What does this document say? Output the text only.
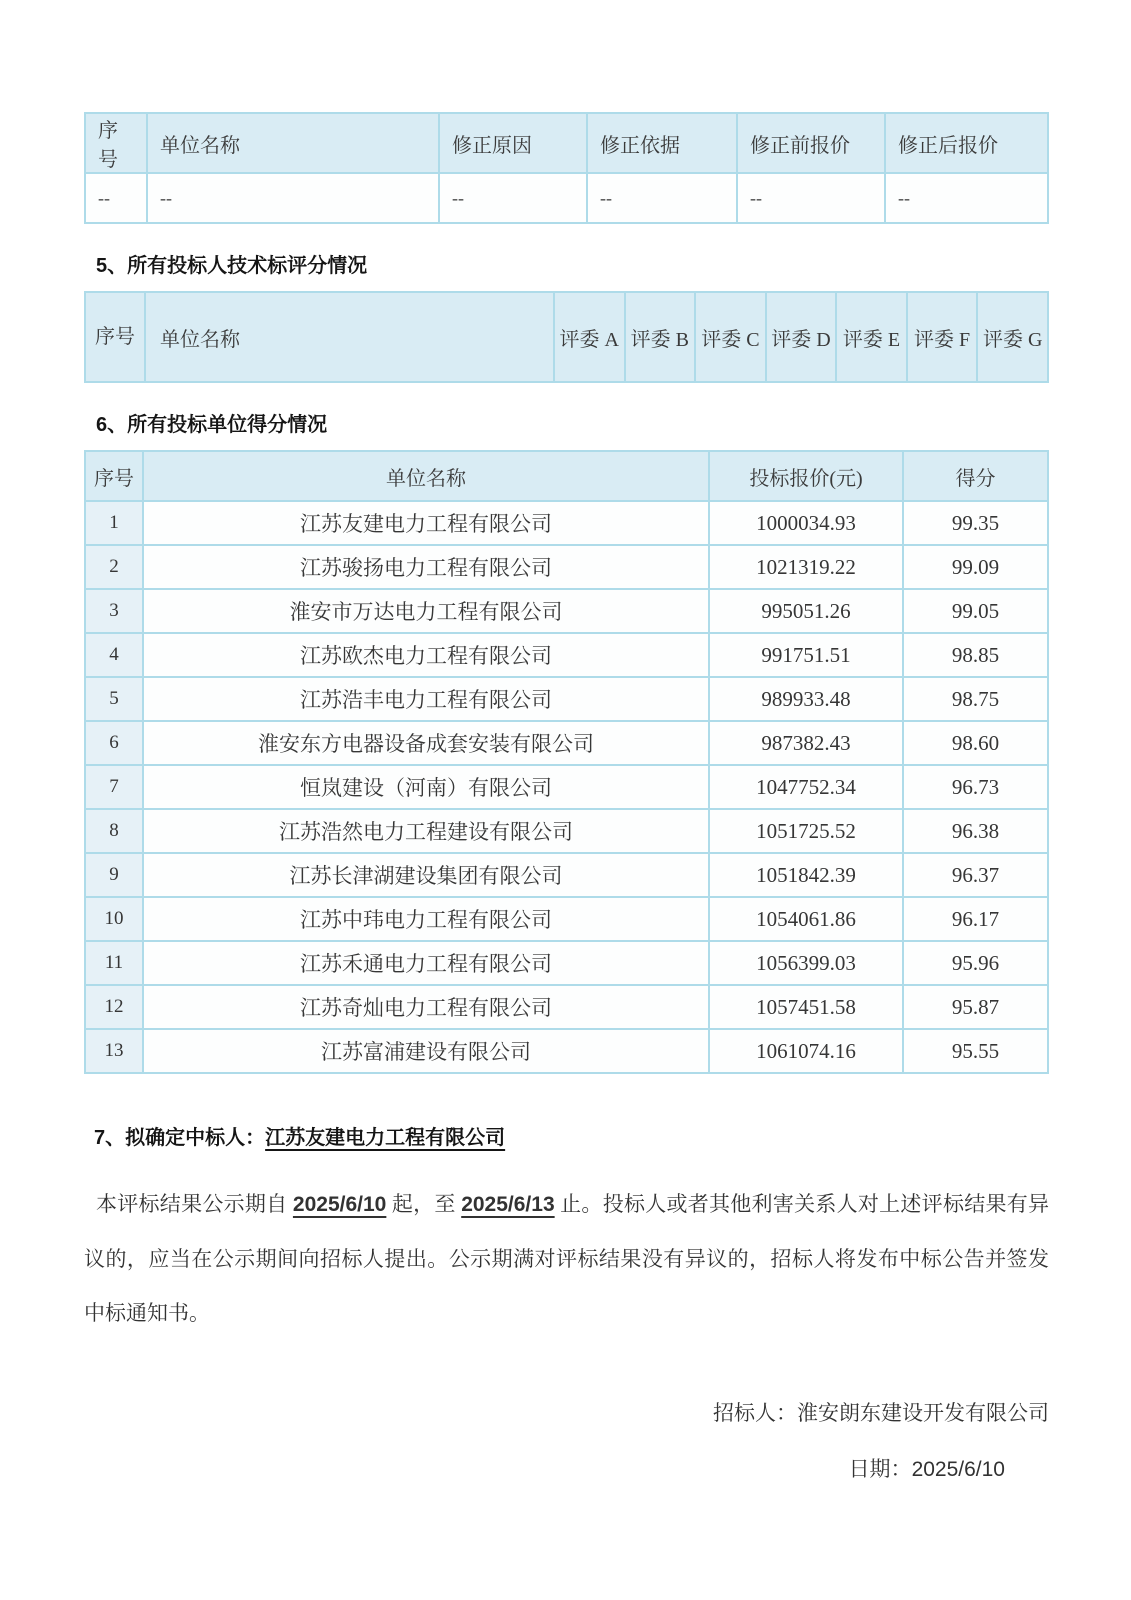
序号	单位名称	修正原因	修正依据	修正前报价	修正后报价
--	--	--	--	--	--
5、所有投标人技术标评分情况
序号	单位名称	评委 A	评委 B	评委 C	评委 D	评委 E	评委 F	评委 G
6、所有投标单位得分情况
序号	单位名称	投标报价(元)	得分
1	江苏友建电力工程有限公司	1000034.93	99.35
2	江苏骏扬电力工程有限公司	1021319.22	99.09
3	淮安市万达电力工程有限公司	995051.26	99.05
4	江苏欧杰电力工程有限公司	991751.51	98.85
5	江苏浩丰电力工程有限公司	989933.48	98.75
6	淮安东方电器设备成套安装有限公司	987382.43	98.60
7	恒岚建设（河南）有限公司	1047752.34	96.73
8	江苏浩然电力工程建设有限公司	1051725.52	96.38
9	江苏长津湖建设集团有限公司	1051842.39	96.37
10	江苏中玮电力工程有限公司	1054061.86	96.17
11	江苏禾通电力工程有限公司	1056399.03	95.96
12	江苏奇灿电力工程有限公司	1057451.58	95.87
13	江苏富浦建设有限公司	1061074.16	95.55

7、拟确定中标人：江苏友建电力工程有限公司

本评标结果公示期自 2025/6/10 起，至 2025/6/13 止。投标人或者其他利害关系人对上述评标结果有异议的，应当在公示期间向招标人提出。公示期满对评标结果没有异议的，招标人将发布中标公告并签发中标通知书。

招标人：淮安朗东建设开发有限公司

日期：2025/6/10
